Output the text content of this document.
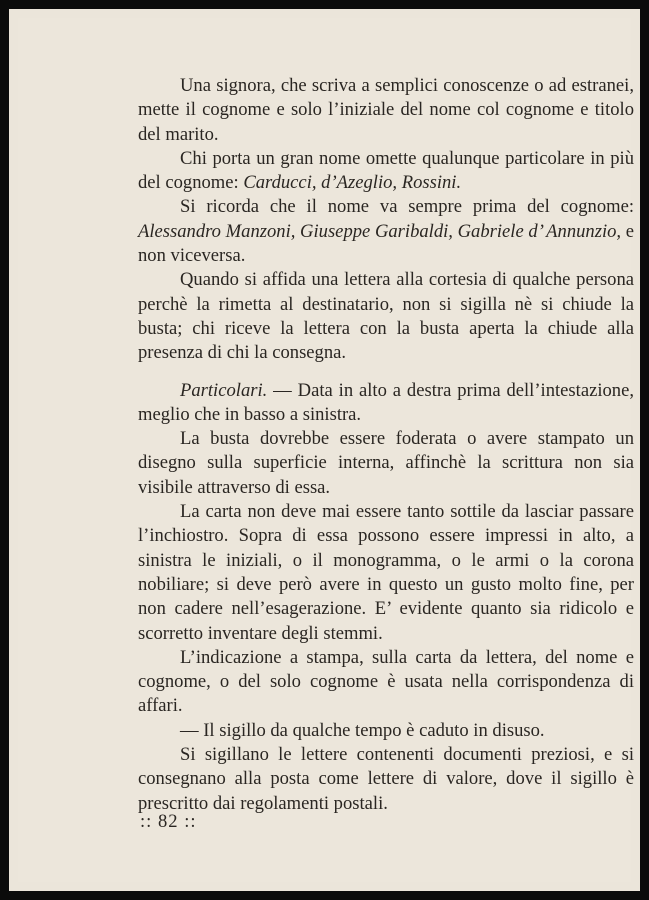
Una signora, che scriva a semplici conoscenze o ad estranei, mette il cognome e solo l’iniziale del nome col cognome e titolo del marito.

Chi porta un gran nome omette qualunque particolare in più del cognome: Carducci, d’Azeglio, Rossini.

Si ricorda che il nome va sempre prima del cognome: Alessandro Manzoni, Giuseppe Garibaldi, Gabriele d’ Annunzio, e non viceversa.

Quando si affida una lettera alla cortesia di qualche persona perchè la rimetta al destinatario, non si sigilla nè si chiude la busta; chi riceve la lettera con la busta aperta la chiude alla presenza di chi la consegna.

Particolari. — Data in alto a destra prima dell’intestazione, meglio che in basso a sinistra.

La busta dovrebbe essere foderata o avere stampato un disegno sulla superficie interna, affinchè la scrittura non sia visibile attraverso di essa.

La carta non deve mai essere tanto sottile da lasciar passare l’inchiostro. Sopra di essa possono essere impressi in alto, a sinistra le iniziali, o il monogramma, o le armi o la corona nobiliare; si deve però avere in questo un gusto molto fine, per non cadere nell’esagerazione. E’ evidente quanto sia ridicolo e scorretto inventare degli stemmi.

L’indicazione a stampa, sulla carta da lettera, del nome e cognome, o del solo cognome è usata nella corrispondenza di affari.

— Il sigillo da qualche tempo è caduto in disuso.

Si sigillano le lettere contenenti documenti preziosi, e si consegnano alla posta come lettere di valore, dove il sigillo è prescritto dai regolamenti postali.

:: 82 ::
